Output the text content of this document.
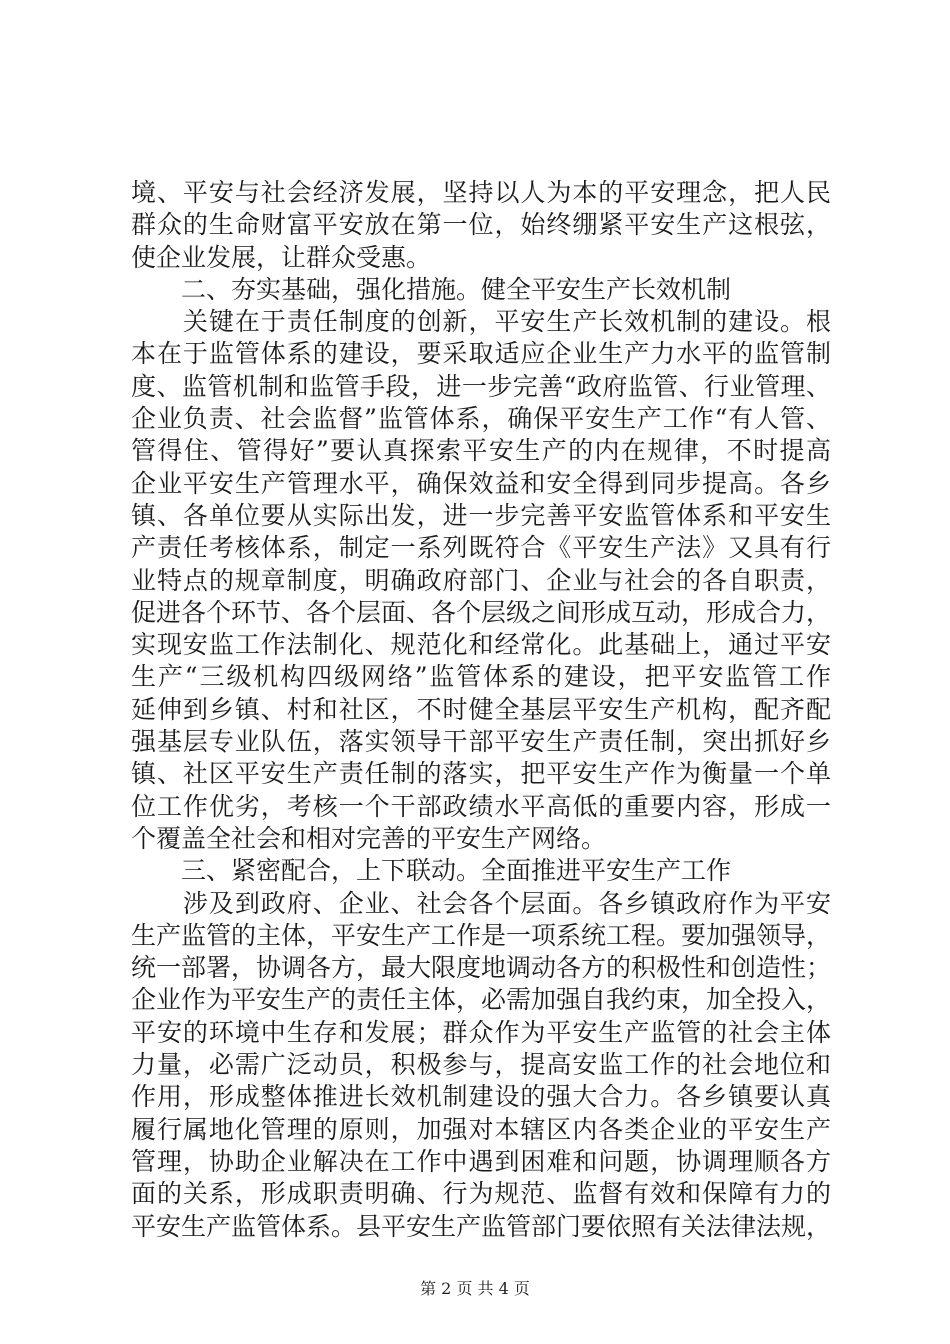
境、平安与社会经济发展，坚持以人为本的平安理念，把人民
群众的生命财富平安放在第一位，始终绷紧平安生产这根弦，
使企业发展，让群众受惠。
　　二、夯实基础，强化措施。健全平安生产长效机制
　　关键在于责任制度的创新，平安生产长效机制的建设。根
本在于监管体系的建设，要采取适应企业生产力水平的监管制
度、监管机制和监管手段，进一步完善“政府监管、行业管理、
企业负责、社会监督”监管体系，确保平安生产工作“有人管、
管得住、管得好”要认真探索平安生产的内在规律，不时提高
企业平安生产管理水平，确保效益和安全得到同步提高。各乡
镇、各单位要从实际出发，进一步完善平安监管体系和平安生
产责任考核体系，制定一系列既符合《平安生产法》又具有行
业特点的规章制度，明确政府部门、企业与社会的各自职责，
促进各个环节、各个层面、各个层级之间形成互动，形成合力，
实现安监工作法制化、规范化和经常化。此基础上，通过平安
生产“三级机构四级网络”监管体系的建设，把平安监管工作
延伸到乡镇、村和社区，不时健全基层平安生产机构，配齐配
强基层专业队伍，落实领导干部平安生产责任制，突出抓好乡
镇、社区平安生产责任制的落实，把平安生产作为衡量一个单
位工作优劣，考核一个干部政绩水平高低的重要内容，形成一
个覆盖全社会和相对完善的平安生产网络。
　　三、紧密配合，上下联动。全面推进平安生产工作
　　涉及到政府、企业、社会各个层面。各乡镇政府作为平安
生产监管的主体，平安生产工作是一项系统工程。要加强领导，
统一部署，协调各方，最大限度地调动各方的积极性和创造性；
企业作为平安生产的责任主体，必需加强自我约束，加全投入，
平安的环境中生存和发展；群众作为平安生产监管的社会主体
力量，必需广泛动员，积极参与，提高安监工作的社会地位和
作用，形成整体推进长效机制建设的强大合力。各乡镇要认真
履行属地化管理的原则，加强对本辖区内各类企业的平安生产
管理，协助企业解决在工作中遇到困难和问题，协调理顺各方
面的关系，形成职责明确、行为规范、监督有效和保障有力的
平安生产监管体系。县平安生产监管部门要依照有关法律法规，
第 2 页 共 4 页
